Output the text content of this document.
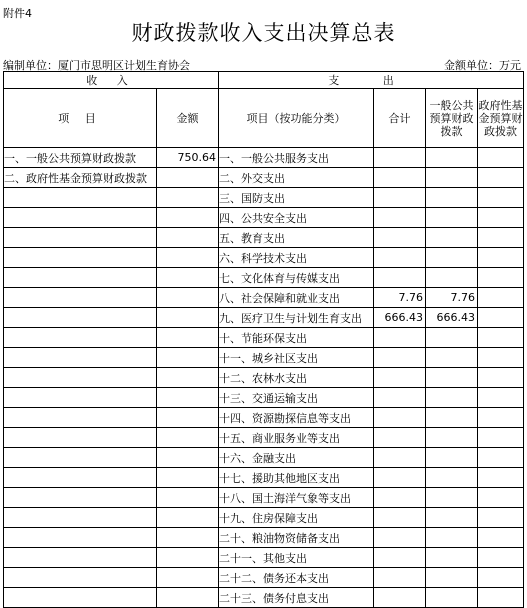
附件4
财政拨款收入支出决算总表
编制单位：厦门市思明区计划生育协会	金额单位：万元
收 入		支 出			
项 目	金额	项目（按功能分类）	合计	一般公共预算财政拨款	政府性基金预算财政拨款
一、一般公共预算财政拨款	750.64	一、一般公共服务支出			
二、政府性基金预算财政拨款		二、外交支出			
		三、国防支出			
		四、公共安全支出			
		五、教育支出			
		六、科学技术支出			
		七、文化体育与传媒支出			
		八、社会保障和就业支出	7.76	7.76	
		九、医疗卫生与计划生育支出	666.43	666.43	
		十、节能环保支出			
		十一、城乡社区支出			
		十二、农林水支出			
		十三、交通运输支出			
		十四、资源勘探信息等支出			
		十五、商业服务业等支出			
		十六、金融支出			
		十七、援助其他地区支出			
		十八、国土海洋气象等支出			
		十九、住房保障支出			
		二十、粮油物资储备支出			
		二十一、其他支出			
		二十二、债务还本支出			
		二十三、债务付息支出			
